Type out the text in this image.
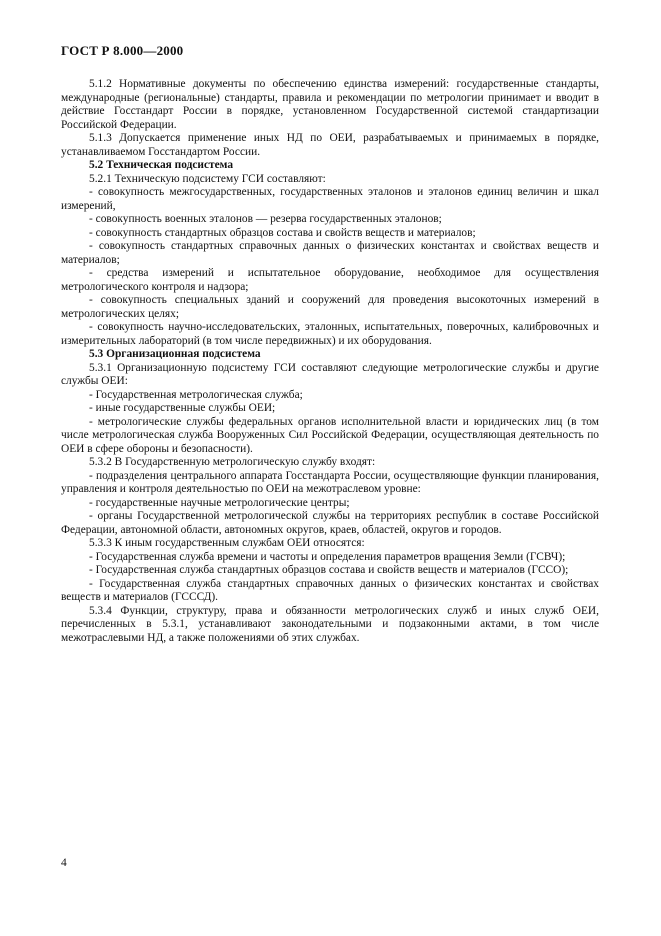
ГОСТ Р 8.000—2000

5.1.2 Нормативные документы по обеспечению единства измерений: государственные стандарты, международные (региональные) стандарты, правила и рекомендации по метрологии принимает и вводит в действие Госстандарт России в порядке, установленном Государственной системой стандартизации Российской Федерации.

5.1.3 Допускается применение иных НД по ОЕИ, разрабатываемых и принимаемых в порядке, устанавливаемом Госстандартом России.

5.2 Техническая подсистема

5.2.1 Техническую подсистему ГСИ составляют:

- совокупность межгосударственных, государственных эталонов и эталонов единиц величин и шкал измерений,

- совокупность военных эталонов — резерва государственных эталонов;

- совокупность стандартных образцов состава и свойств веществ и материалов;

- совокупность стандартных справочных данных о физических константах и свойствах веществ и материалов;

- средства измерений и испытательное оборудование, необходимое для осуществления метрологического контроля и надзора;

- совокупность специальных зданий и сооружений для проведения высокоточных измерений в метрологических целях;

- совокупность научно-исследовательских, эталонных, испытательных, поверочных, калибровочных и измерительных лабораторий (в том числе передвижных) и их оборудования.

5.3 Организационная подсистема

5.3.1 Организационную подсистему ГСИ составляют следующие метрологические службы и другие службы ОЕИ:

- Государственная метрологическая служба;

- иные государственные службы ОЕИ;

- метрологические службы федеральных органов исполнительной власти и юридических лиц (в том числе метрологическая служба Вооруженных Сил Российской Федерации, осуществляющая деятельность по ОЕИ в сфере обороны и безопасности).

5.3.2 В Государственную метрологическую службу входят:

- подразделения центрального аппарата Госстандарта России, осуществляющие функции планирования, управления и контроля деятельностью по ОЕИ на межотраслевом уровне:

- государственные научные метрологические центры;

- органы Государственной метрологической службы на территориях республик в составе Российской Федерации, автономной области, автономных округов, краев, областей, округов и городов.

5.3.3 К иным государственным службам ОЕИ относятся:

- Государственная служба времени и частоты и определения параметров вращения Земли (ГСВЧ);

- Государственная служба стандартных образцов состава и свойств веществ и материалов (ГССО);

- Государственная служба стандартных справочных данных о физических константах и свойствах веществ и материалов (ГСССД).

5.3.4 Функции, структуру, права и обязанности метрологических служб и иных служб ОЕИ, перечисленных в 5.3.1, устанавливают законодательными и подзаконными актами, в том числе межотраслевыми НД, а также положениями об этих службах.

4
